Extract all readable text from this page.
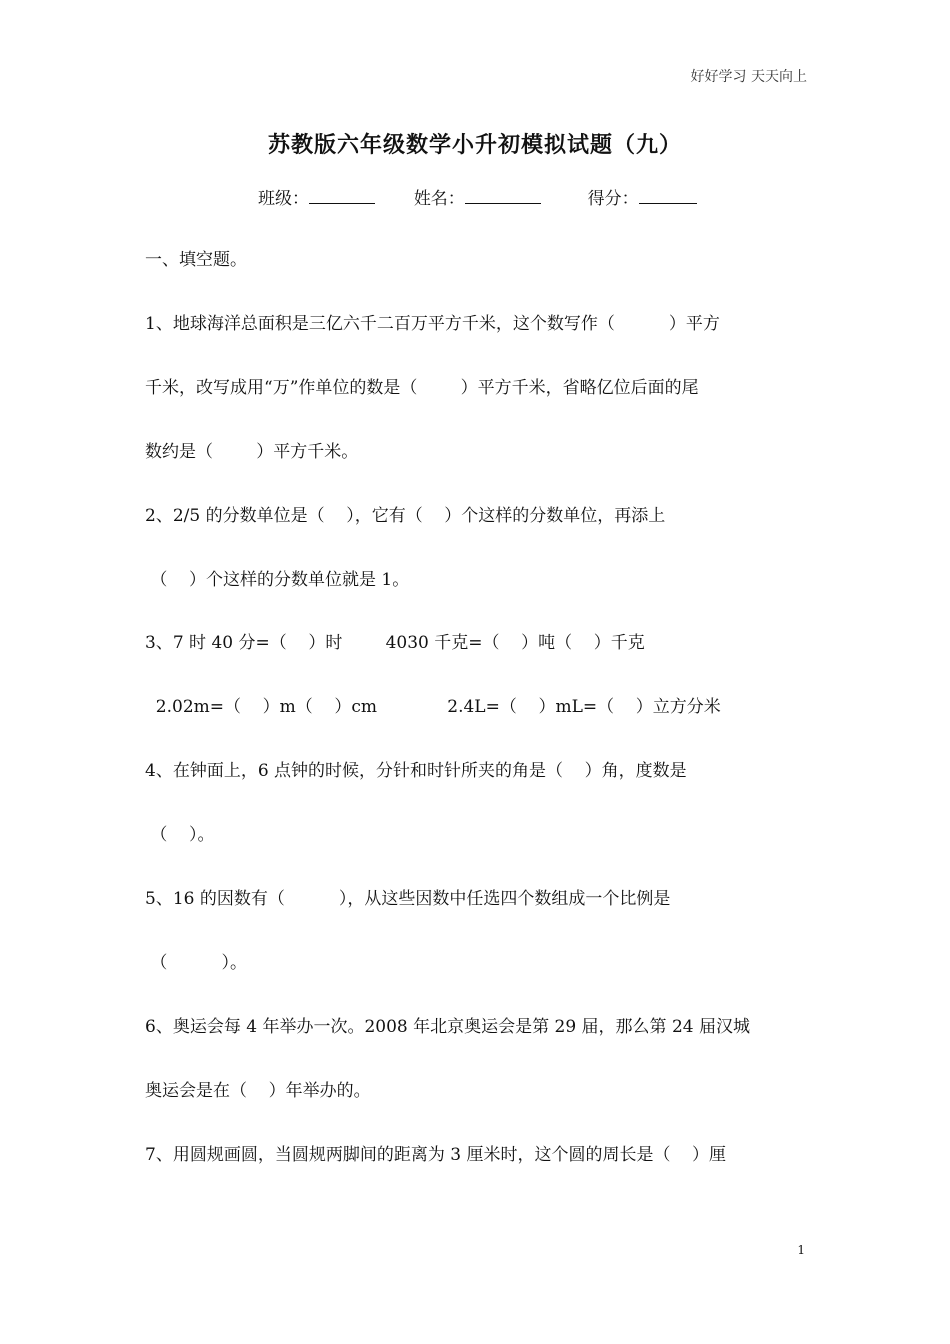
好好学习 天天向上
苏教版六年级数学小升初模拟试题（九）
班级：	姓名：	得分：
一、填空题。
1、地球海洋总面积是三亿六千二百万平方千米，这个数写作（          ）平方
千米，改写成用“万”作单位的数是（        ）平方千米，省略亿位后面的尾
数约是（        ）平方千米。
2、2/5 的分数单位是（    ），它有（    ）个这样的分数单位，再添上
（    ）个这样的分数单位就是 1。
3、7 时 40 分=（    ）时        4030 千克=（    ）吨（    ）千克
2.02m=（    ）m（    ）cm             2.4L=（    ）mL=（    ）立方分米
4、在钟面上，6 点钟的时候，分针和时针所夹的角是（    ）角，度数是
（    ）。
5、16 的因数有（          ），从这些因数中任选四个数组成一个比例是
（          ）。
6、奥运会每 4 年举办一次。2008 年北京奥运会是第 29 届，那么第 24 届汉城
奥运会是在（    ）年举办的。
7、用圆规画圆，当圆规两脚间的距离为 3 厘米时，这个圆的周长是（    ）厘
1
